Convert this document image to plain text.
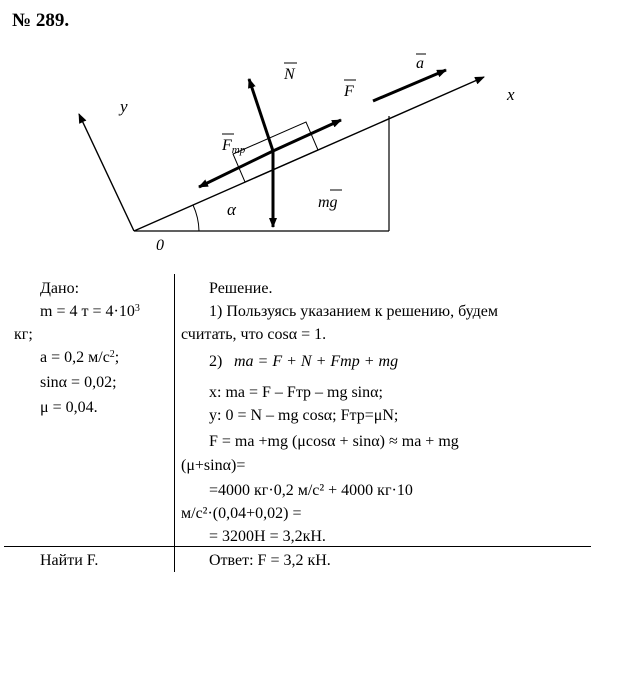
№ 289.
y
x
N
F
a
Fтр
mg
α
0
Дано:
m = 4 $т = 4\cdot 10^3$
кг;
a = 0,2 $м/с^2$;
sinα = 0,02;
μ = 0,04.
Найти F.
Решение.
1) Пользуясь указанием к решению, будем
считать, что cosα = 1.
2) ma = F + N + Fтр + mg
x: ma = F – Fтр – mg sinα;
y: 0 = N – mg cosα; Fтр=μN;
F = ma +mg (μcosα + sinα) ≈ ma + mg
(μ+sinα)=
=4000 кг·0,2 м/с² + 4000 кг·10
м/с²·(0,04+0,02) =
= 3200Н = 3,2кН.
Ответ: F = 3,2 кН.
